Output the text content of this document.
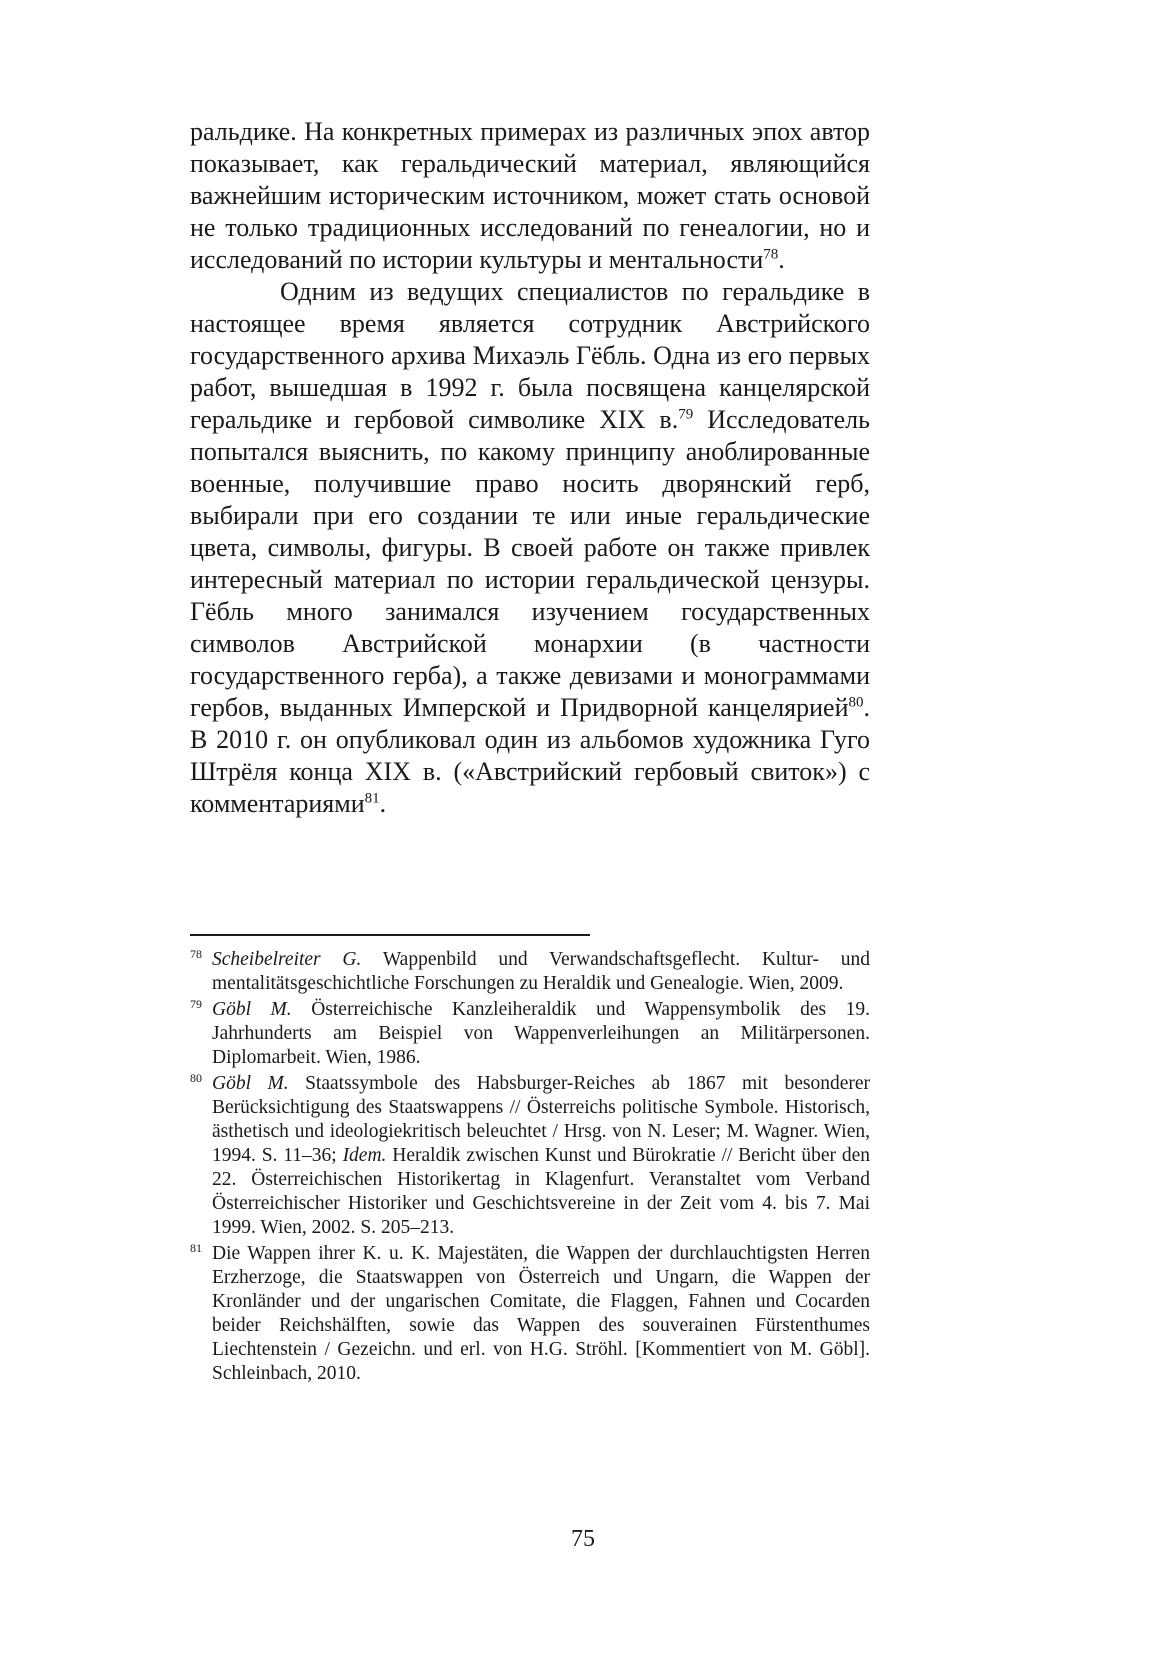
ральдике. На конкретных примерах из различных эпох автор показывает, как геральдический материал, являющийся важнейшим историческим источником, может стать основой не только традиционных исследований по генеалогии, но и исследований по истории культуры и ментальности$^{78}$.

Одним из ведущих специалистов по геральдике в настоящее время является сотрудник Австрийского государственного архива Михаэль Гёбль. Одна из его первых работ, вышедшая в 1992 г. была посвящена канцелярской геральдике и гербовой символике XIX в.$^{79}$ Исследователь попытался выяснить, по какому принципу аноблированные военные, получившие право носить дворянский герб, выбирали при его создании те или иные геральдические цвета, символы, фигуры. В своей работе он также привлек интересный материал по истории геральдической цензуры. Гёбль много занимался изучением государственных символов Австрийской монархии (в частности государственного герба), а также девизами и монограммами гербов, выданных Имперской и Придворной канцелярией$^{80}$. В 2010 г. он опубликовал один из альбомов художника Гуго Штрёля конца XIX в. («Австрийский гербовый свиток») с комментариями$^{81}$.

78 Scheibelreiter G. Wappenbild und Verwandschaftsgeflecht. Kultur- und mentalitätsgeschichtliche Forschungen zu Heraldik und Genealogie. Wien, 2009.

79 Göbl M. Österreichische Kanzleiheraldik und Wappensymbolik des 19. Jahrhunderts am Beispiel von Wappenverleihungen an Militärpersonen. Diplomarbeit. Wien, 1986.

80 Göbl M. Staatssymbole des Habsburger-Reiches ab 1867 mit besonderer Berücksichtigung des Staatswappens // Österreichs politische Symbole. Historisch, ästhetisch und ideologiekritisch beleuchtet / Hrsg. von N. Leser; M. Wagner. Wien, 1994. S. 11–36; Idem. Heraldik zwischen Kunst und Bürokratie // Bericht über den 22. Österreichischen Historikertag in Klagenfurt. Veranstaltet vom Verband Österreichischer Historiker und Geschichtsvereine in der Zeit vom 4. bis 7. Mai 1999. Wien, 2002. S. 205–213.

81 Die Wappen ihrer K. u. K. Majestäten, die Wappen der durchlauchtigsten Herren Erzherzoge, die Staatswappen von Österreich und Ungarn, die Wappen der Kronländer und der ungarischen Comitate, die Flaggen, Fahnen und Cocarden beider Reichshälften, sowie das Wappen des souverainen Fürstenthumes Liechtenstein / Gezeichn. und erl. von H.G. Ströhl. [Kommentiert von M. Göbl]. Schleinbach, 2010.

75
